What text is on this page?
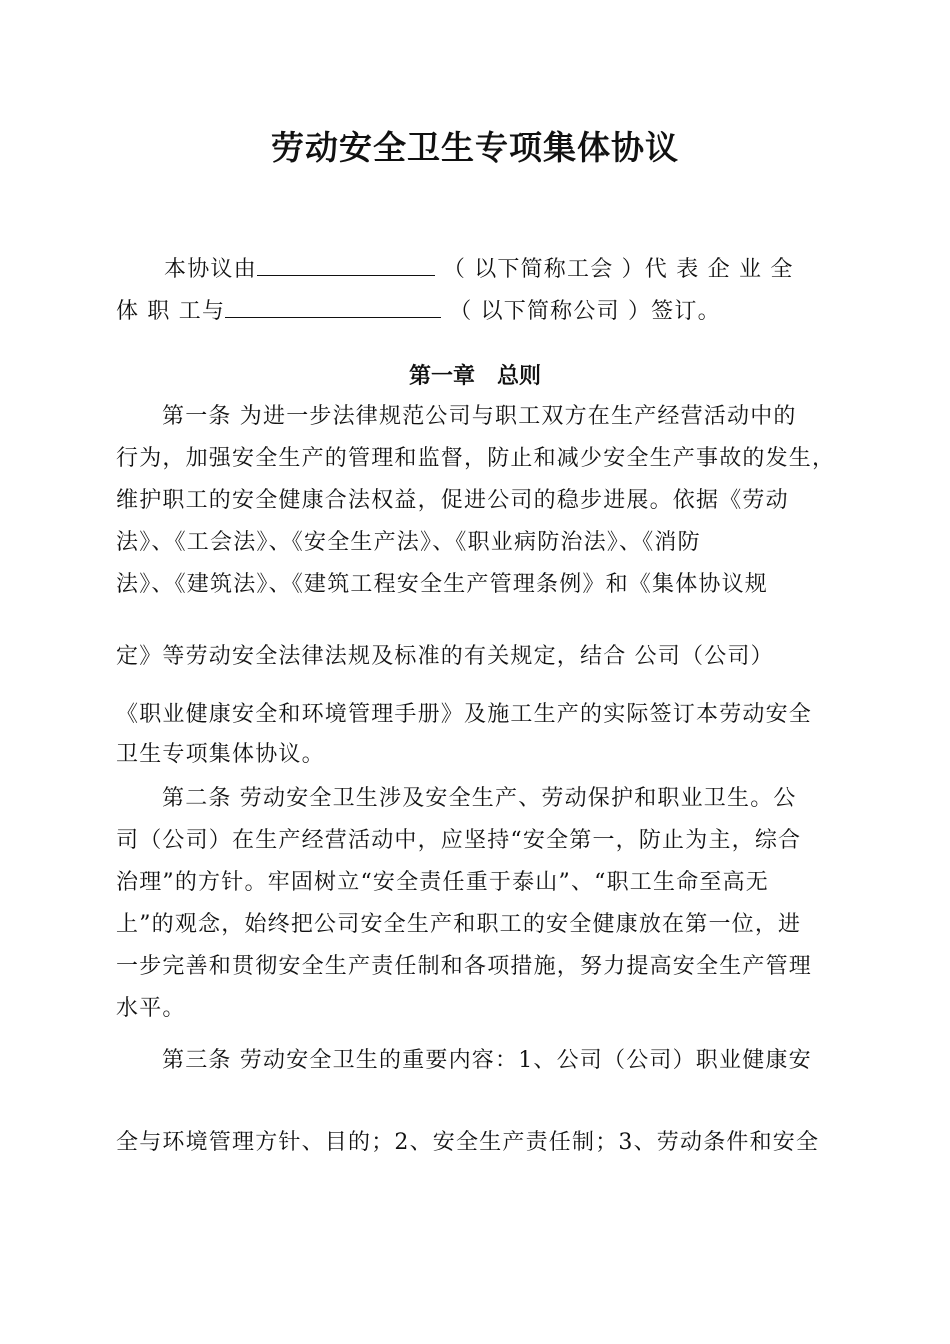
劳动安全卫生专项集体协议
本协议由	（ 以下简称工会 ）代 表 企 业 全
体 职 工与	（ 以下简称公司 ）签订。
第一章　总则
第一条 为进一步法律规范公司与职工双方在生产经营活动中的
行为，加强安全生产的管理和监督，防止和减少安全生产事故的发生，
维护职工的安全健康合法权益，促进公司的稳步进展。依据《劳动
法》、《工会法》、《安全生产法》、《职业病防治法》、《消防
法》、《建筑法》、《建筑工程安全生产管理条例》和《集体协议规
定》等劳动安全法律法规及标准的有关规定，结合 公司（公司）
《职业健康安全和环境管理手册》及施工生产的实际签订本劳动安全
卫生专项集体协议。
第二条 劳动安全卫生涉及安全生产、劳动保护和职业卫生。公
司（公司）在生产经营活动中，应坚持“安全第一，防止为主，综合
治理”的方针。牢固树立“安全责任重于泰山”、“职工生命至高无
上”的观念，始终把公司安全生产和职工的安全健康放在第一位，进
一步完善和贯彻安全生产责任制和各项措施，努力提高安全生产管理
水平。
第三条 劳动安全卫生的重要内容：1、公司（公司）职业健康安
全与环境管理方针、目的；2、安全生产责任制；3、劳动条件和安全
